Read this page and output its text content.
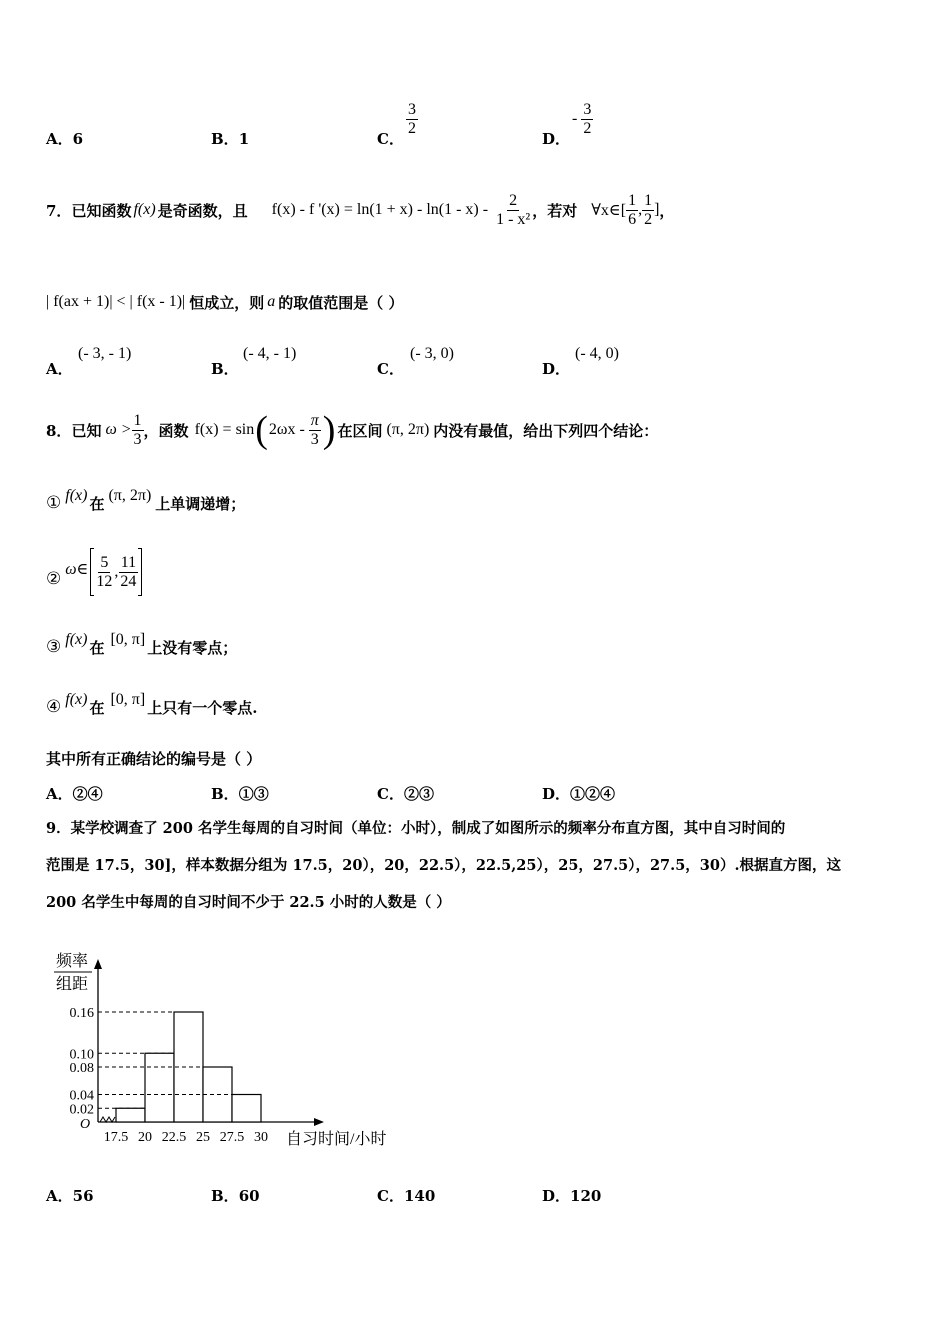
A．6	B．1	C．
$\frac{3}{2}$
D．
- $\frac{3}{2}$
7． 已知函数 f(x) 是奇函数，且 f(x) - f '$(x) = \ln(1 + x) - \ln(1 - x) - \frac{2}{\text{1 - x²}}$ ，若对 ∀x∈[ $\frac{1}{6}$ , $\frac{1}{2}$ ] ，
| f(ax + 1)| < | f(x - 1)| 恒成立，则 a 的取值范围是（ ）
A．
(- 3, - 1)
B．
(- 4, - 1)
C．
(- 3, 0)
D．
(- 4, 0)
8． 已知 $\omega > \frac{1}{3}$ ，函数 f(x) = sin ( $2\omega x - \frac{\pi}{3}$ ) 在区间 (π, 2π) 内没有最值，给出下列四个结论：
① f(x) 在 (π, 2π) 上单调递增；
② ω∈ $\frac{5}{12}$ , $\frac{11}{24}$
③ f(x) 在 [0, π] 上没有零点；
④ f(x) 在 [0, π] 上只有一个零点.
其中所有正确结论的编号是（ ）
A．②④	B．①③	C．②③	D．①②④
9．某学校调查了 200 名学生每周的自习时间（单位：小时），制成了如图所示的频率分布直方图，其中自习时间的
范围是 17.5，30]，样本数据分组为 17.5，20），20，22.5），22.5,25），25，27.5），27.5，30）.根据直方图，这
200 名学生中每周的自习时间不少于 22.5 小时的人数是（ ）
频率
组距
O
自习时间/小时
0.02
0.04
0.08
0.10
0.16
17.5 20 22.5 25 27.5 30
A．56	B．60	C．140	D．120
